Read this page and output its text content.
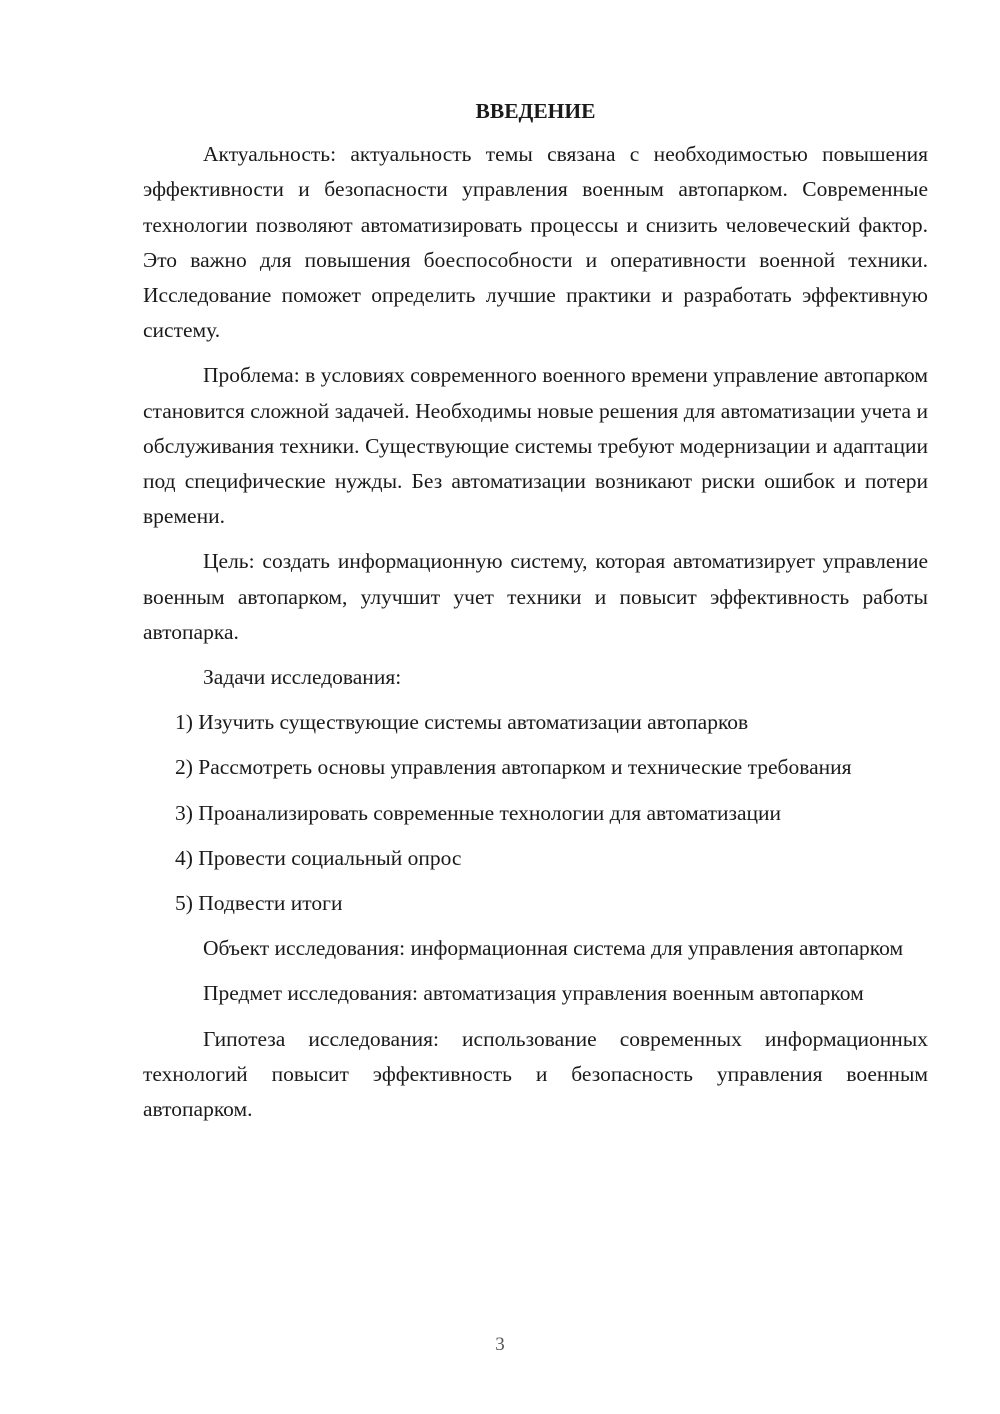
ВВЕДЕНИЕ

Актуальность: актуальность темы связана с необходимостью повышения эффективности и безопасности управления военным автопарком. Современные технологии позволяют автоматизировать процессы и снизить человеческий фактор. Это важно для повышения боеспособности и оперативности военной техники. Исследование поможет определить лучшие практики и разработать эффективную систему.

Проблема: в условиях современного военного времени управление автопарком становится сложной задачей. Необходимы новые решения для автоматизации учета и обслуживания техники. Существующие системы требуют модернизации и адаптации под специфические нужды. Без автоматизации возникают риски ошибок и потери времени.

Цель: создать информационную систему, которая автоматизирует управление военным автопарком, улучшит учет техники и повысит эффективность работы автопарка.

Задачи исследования:

1) Изучить существующие системы автоматизации автопарков

2) Рассмотреть основы управления автопарком и технические требования

3) Проанализировать современные технологии для автоматизации

4) Провести социальный опрос

5) Подвести итоги

Объект исследования: информационная система для управления автопарком

Предмет исследования: автоматизация управления военным автопарком

Гипотеза исследования: использование современных информационных технологий повысит эффективность и безопасность управления военным автопарком.

3
